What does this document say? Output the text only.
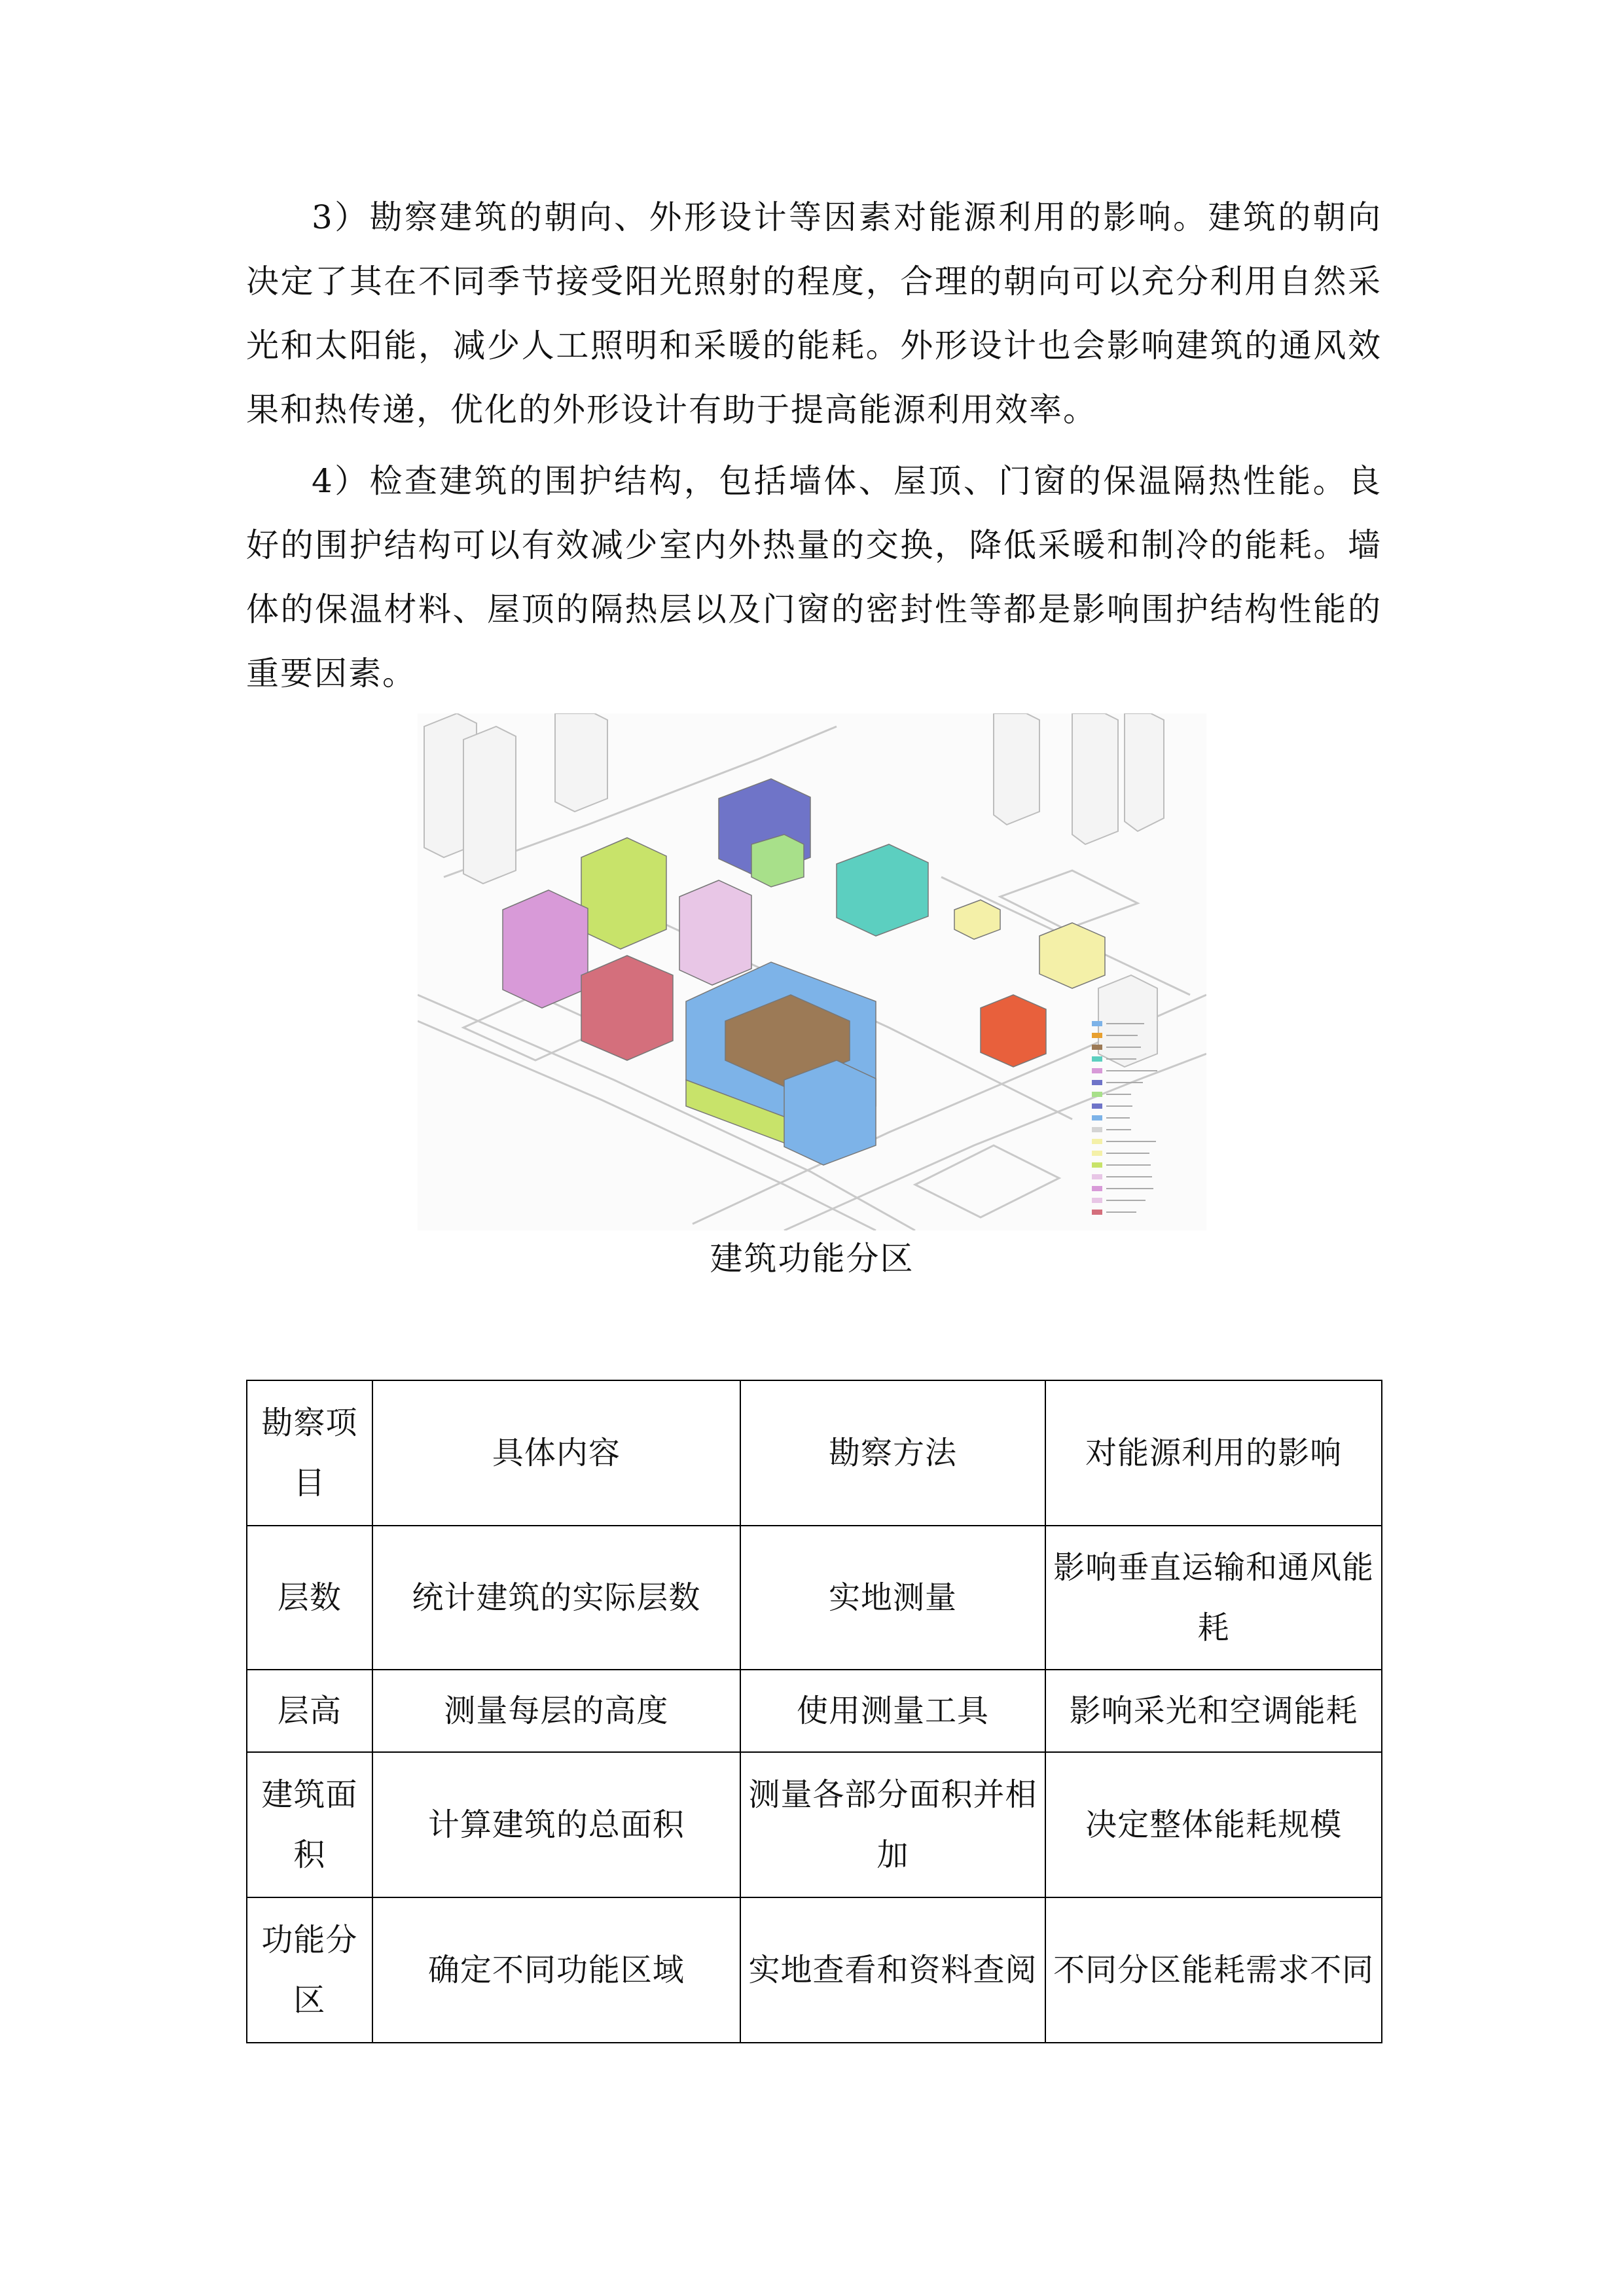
3）勘察建筑的朝向、外形设计等因素对能源利用的影响。建筑的朝向决定了其在不同季节接受阳光照射的程度，合理的朝向可以充分利用自然采光和太阳能，减少人工照明和采暖的能耗。外形设计也会影响建筑的通风效果和热传递，优化的外形设计有助于提高能源利用效率。

4）检查建筑的围护结构，包括墙体、屋顶、门窗的保温隔热性能。良好的围护结构可以有效减少室内外热量的交换，降低采暖和制冷的能耗。墙体的保温材料、屋顶的隔热层以及门窗的密封性等都是影响围护结构性能的重要因素。

建筑功能分区
勘察项目	具体内容	勘察方法	对能源利用的影响
层数	统计建筑的实际层数	实地测量	影响垂直运输和通风能耗
层高	测量每层的高度	使用测量工具	影响采光和空调能耗
建筑面积	计算建筑的总面积	测量各部分面积并相加	决定整体能耗规模
功能分区	确定不同功能区域	实地查看和资料查阅	不同分区能耗需求不同
